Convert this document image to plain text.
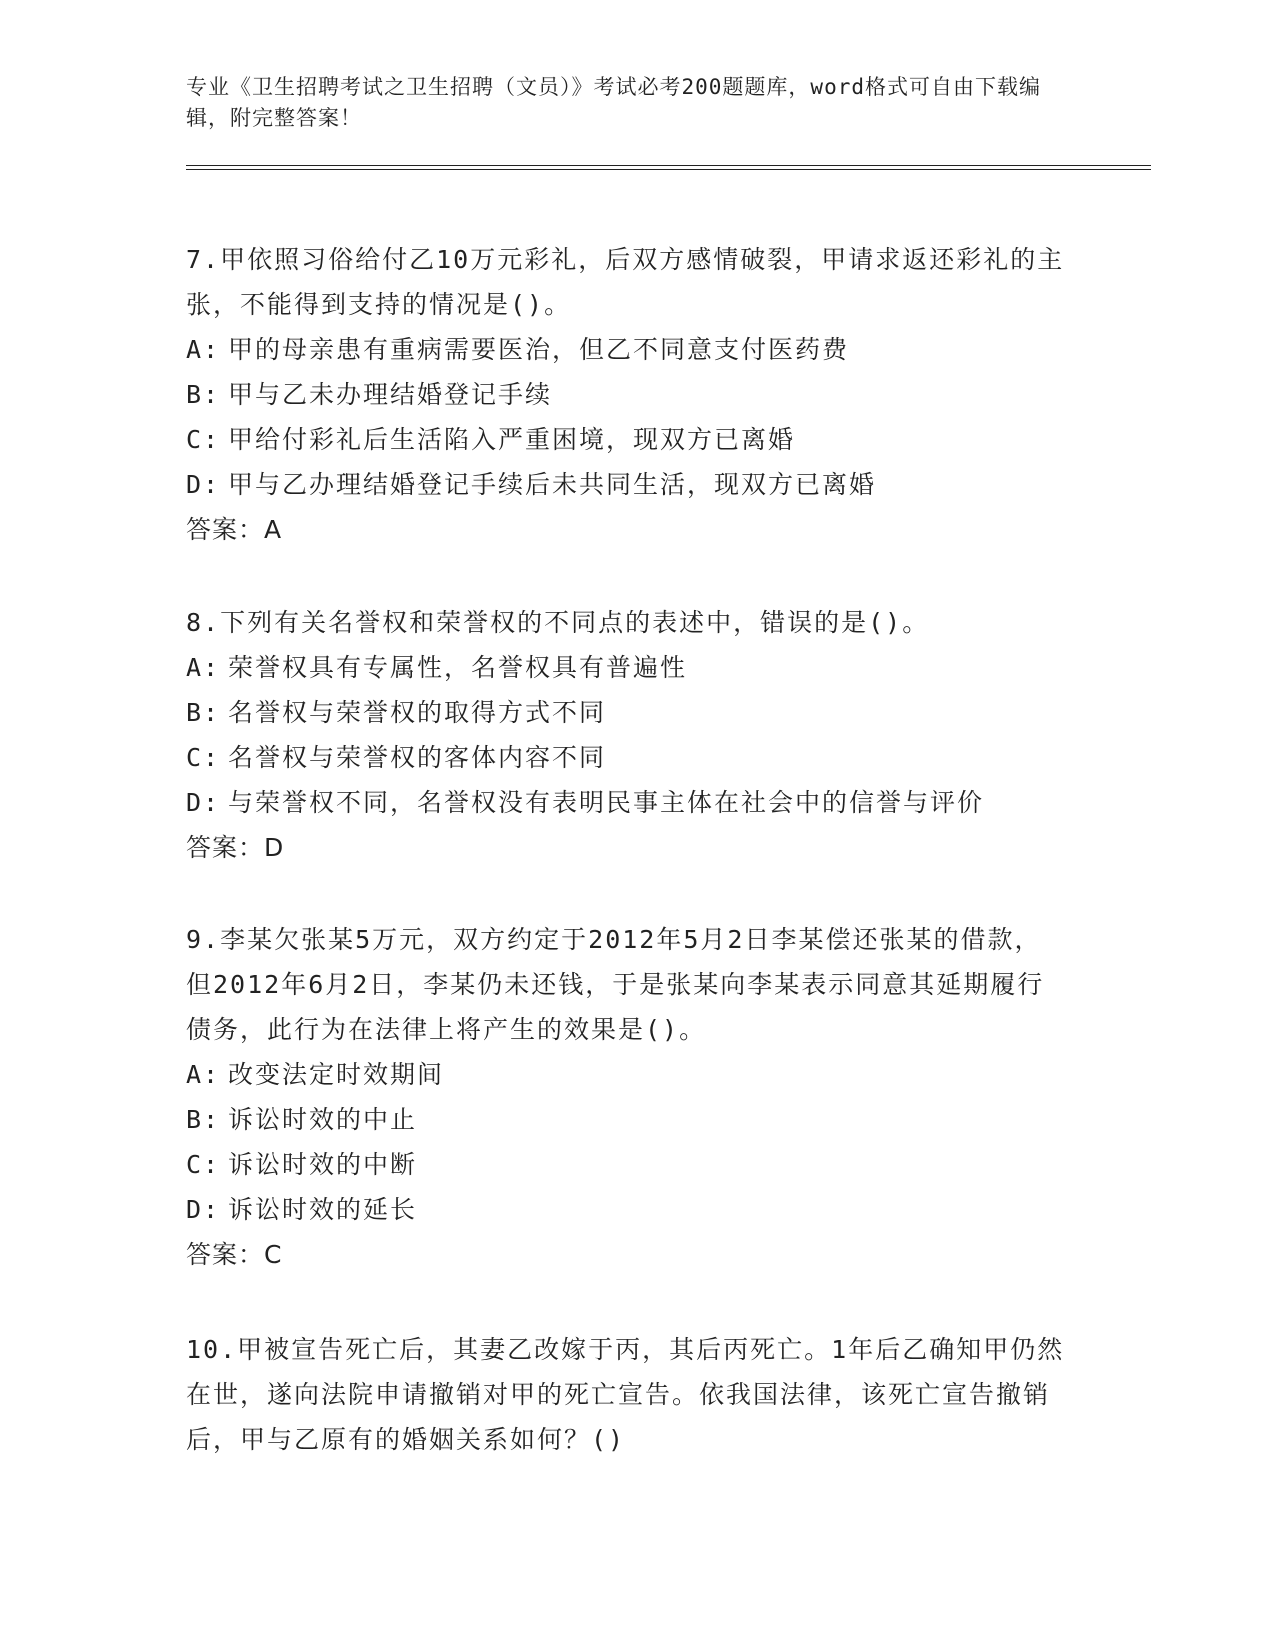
专业《卫生招聘考试之卫生招聘（文员）》考试必考200题题库，word格式可自由下载编辑，附完整答案！
7.甲依照习俗给付乙10万元彩礼，后双方感情破裂，甲请求返还彩礼的主张，不能得到支持的情况是()。
A: 甲的母亲患有重病需要医治，但乙不同意支付医药费
B: 甲与乙未办理结婚登记手续
C: 甲给付彩礼后生活陷入严重困境，现双方已离婚
D: 甲与乙办理结婚登记手续后未共同生活，现双方已离婚
答案：A
8.下列有关名誉权和荣誉权的不同点的表述中，错误的是()。
A: 荣誉权具有专属性，名誉权具有普遍性
B: 名誉权与荣誉权的取得方式不同
C: 名誉权与荣誉权的客体内容不同
D: 与荣誉权不同，名誉权没有表明民事主体在社会中的信誉与评价
答案：D
9.李某欠张某5万元，双方约定于2012年5月2日李某偿还张某的借款，但2012年6月2日，李某仍未还钱，于是张某向李某表示同意其延期履行债务，此行为在法律上将产生的效果是()。
A: 改变法定时效期间
B: 诉讼时效的中止
C: 诉讼时效的中断
D: 诉讼时效的延长
答案：C
10.甲被宣告死亡后，其妻乙改嫁于丙，其后丙死亡。1年后乙确知甲仍然在世，遂向法院申请撤销对甲的死亡宣告。依我国法律，该死亡宣告撤销后，甲与乙原有的婚姻关系如何？()
